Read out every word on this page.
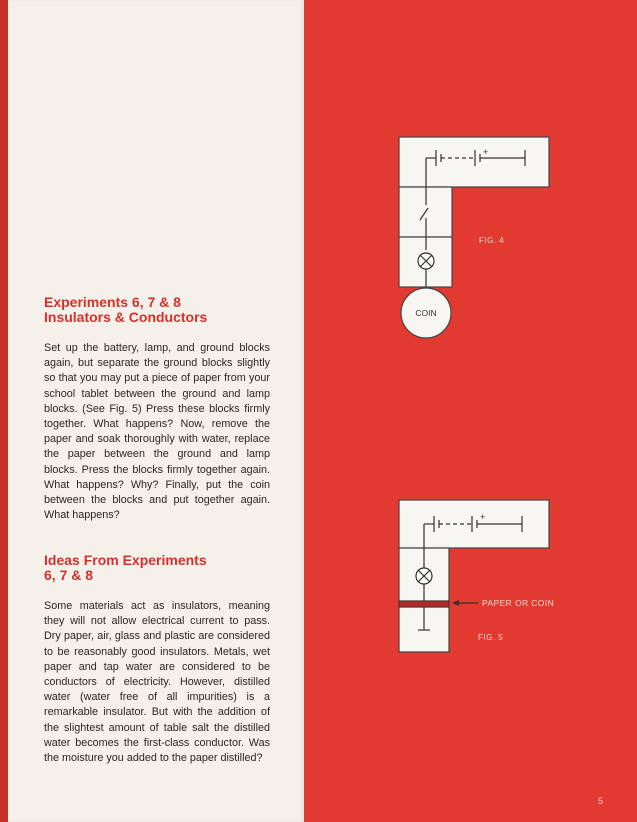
Experiments 6, 7 & 8
Insulators & Conductors
Set up the battery, lamp, and ground blocks again, but separate the ground blocks slightly so that you may put a piece of paper from your school tablet between the ground and lamp blocks. (See Fig. 5) Press these blocks firmly together. What happens? Now, remove the paper and soak thoroughly with water, replace the paper between the ground and lamp blocks. Press the blocks firmly together again. What happens? Why? Finally, put the coin between the blocks and put together again. What happens?
Ideas From Experiments
6, 7 & 8
Some materials act as insulators, meaning they will not allow electrical current to pass. Dry paper, air, glass and plastic are considered to be reasonably good insulators. Metals, wet paper and tap water are considered to be conductors of electricity. However, distilled water (water free of all impurities) is a remarkable insulator. But with the addition of the slightest amount of table salt the distilled water becomes the first-class conductor. Was the moisture you added to the paper distilled?
COIN
+
+
FIG. 4
PAPER OR COIN
FIG. 5
5
